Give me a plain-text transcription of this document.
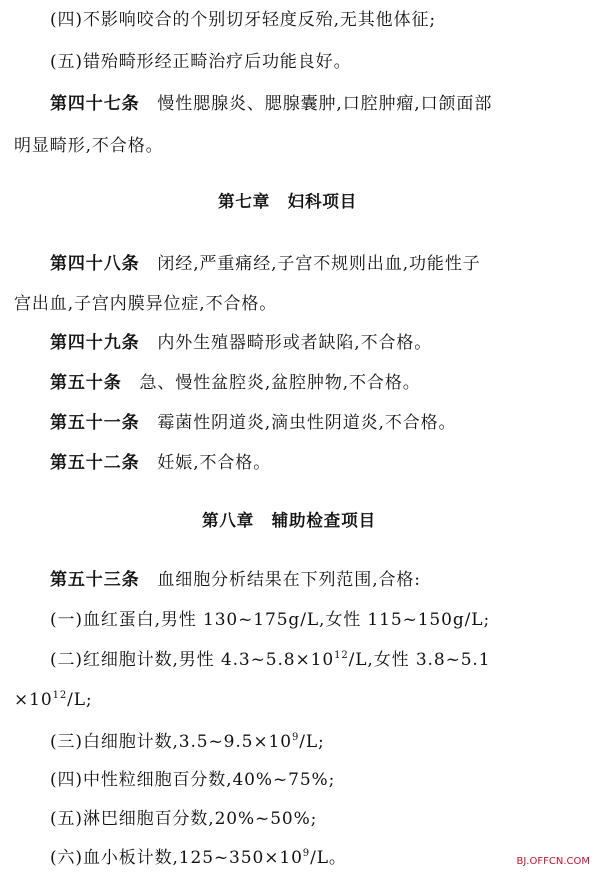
(四)不影响咬合的个别切牙轻度反殆,无其他体征;
(五)错殆畸形经正畸治疗后功能良好。
第四十七条　 慢性腮腺炎、腮腺囊肿,口腔肿瘤,口颌面部
明显畸形,不合格。
第七章　妇科项目
第四十八条　 闭经,严重痛经,子宫不规则出血,功能性子
宫出血,子宫内膜异位症,不合格。
第四十九条　 内外生殖器畸形或者缺陷,不合格。
第五十条　 急、慢性盆腔炎,盆腔肿物,不合格。
第五十一条　 霉菌性阴道炎,滴虫性阴道炎,不合格。
第五十二条　 妊娠,不合格。
第八章　辅助检查项目
第五十三条　 血细胞分析结果在下列范围,合格:
(一)血红蛋白,男性 130~175g/L,女性 115~150g/L;
(二)红细胞计数,男性 $4.3\sim 5.8\times 10^{12}/L$,女性 3.8~5.1
$\times 10^{12}/L$;
(三)白细胞计数$,3.5\sim 9.5\times 10^9/L$;
(四)中性粒细胞百分数,40%~75%;
(五)淋巴细胞百分数,20%~50%;
(六)血小板计数$,125\sim 350\times 10^9/L$。	BJ.OFFCN.COM
